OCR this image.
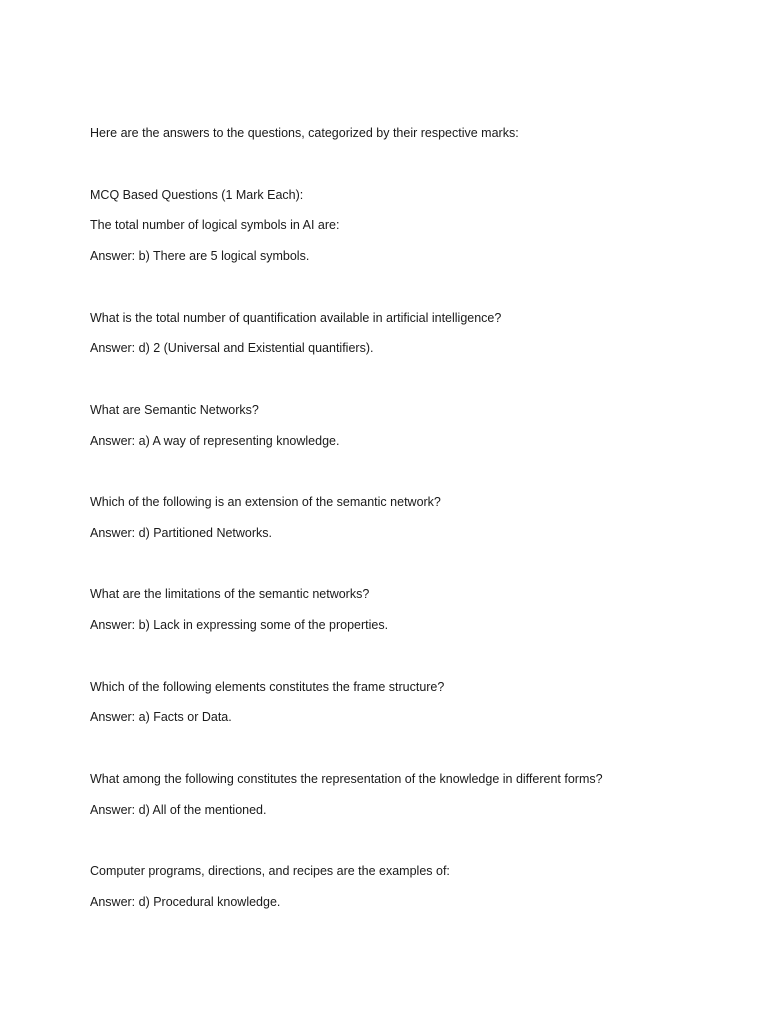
Here are the answers to the questions, categorized by their respective marks:
MCQ Based Questions (1 Mark Each):
The total number of logical symbols in AI are:
Answer: b) There are 5 logical symbols.
What is the total number of quantification available in artificial intelligence?
Answer: d) 2 (Universal and Existential quantifiers).
What are Semantic Networks?
Answer: a) A way of representing knowledge.
Which of the following is an extension of the semantic network?
Answer: d) Partitioned Networks.
What are the limitations of the semantic networks?
Answer: b) Lack in expressing some of the properties.
Which of the following elements constitutes the frame structure?
Answer: a) Facts or Data.
What among the following constitutes the representation of the knowledge in different forms?
Answer: d) All of the mentioned.
Computer programs, directions, and recipes are the examples of:
Answer: d) Procedural knowledge.
